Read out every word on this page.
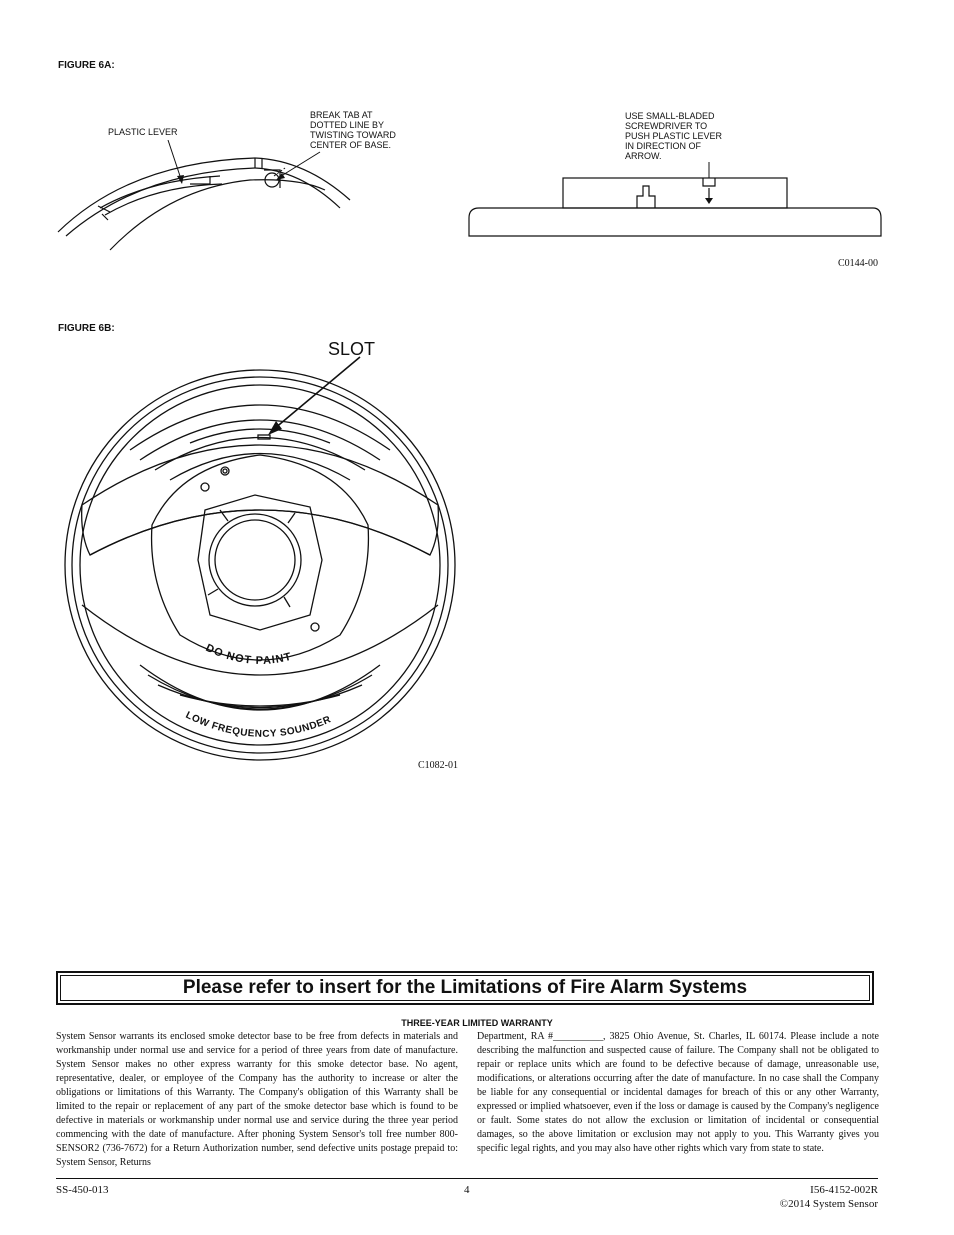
FIGURE 6A:
PLASTIC LEVER
BREAK TAB AT
DOTTED LINE BY
TWISTING TOWARD
CENTER OF BASE.
USE SMALL-BLADED
SCREWDRIVER TO
PUSH PLASTIC LEVER
IN DIRECTION OF
ARROW.
C0144-00
FIGURE 6B:
SLOT
DO NOT PAINT
LOW FREQUENCY SOUNDER
C1082-01
Please refer to insert for the Limitations of Fire Alarm Systems
THREE-YEAR LIMITED WARRANTY
System Sensor warrants its enclosed smoke detector base to be free from defects in materials and workmanship under normal use and service for a period of three years from date of manufacture. System Sensor makes no other express warranty for this smoke detector base. No agent, representative, dealer, or employee of the Company has the authority to increase or alter the obligations or limitations of this Warranty. The Company's obligation of this Warranty shall be limited to the repair or replacement of any part of the smoke detector base which is found to be defective in materials or workmanship under normal use and service during the three year period commencing with the date of manufacture. After phoning System Sensor's toll free number 800-SENSOR2 (736-7672) for a Return Authorization number, send defective units postage prepaid to: System Sensor, Returns
Department, RA #__________, 3825 Ohio Avenue, St. Charles, IL 60174. Please include a note describing the malfunction and suspected cause of failure. The Company shall not be obligated to repair or replace units which are found to be defective because of damage, unreasonable use, modifications, or alterations occurring after the date of manufacture. In no case shall the Company be liable for any consequential or incidental damages for breach of this or any other Warranty, expressed or implied whatsoever, even if the loss or damage is caused by the Company's negligence or fault. Some states do not allow the exclusion or limitation of incidental or consequential damages, so the above limitation or exclusion may not apply to you. This Warranty gives you specific legal rights, and you may also have other rights which vary from state to state.
SS-450-013	4	I56-4152-002R
©2014 System Sensor
